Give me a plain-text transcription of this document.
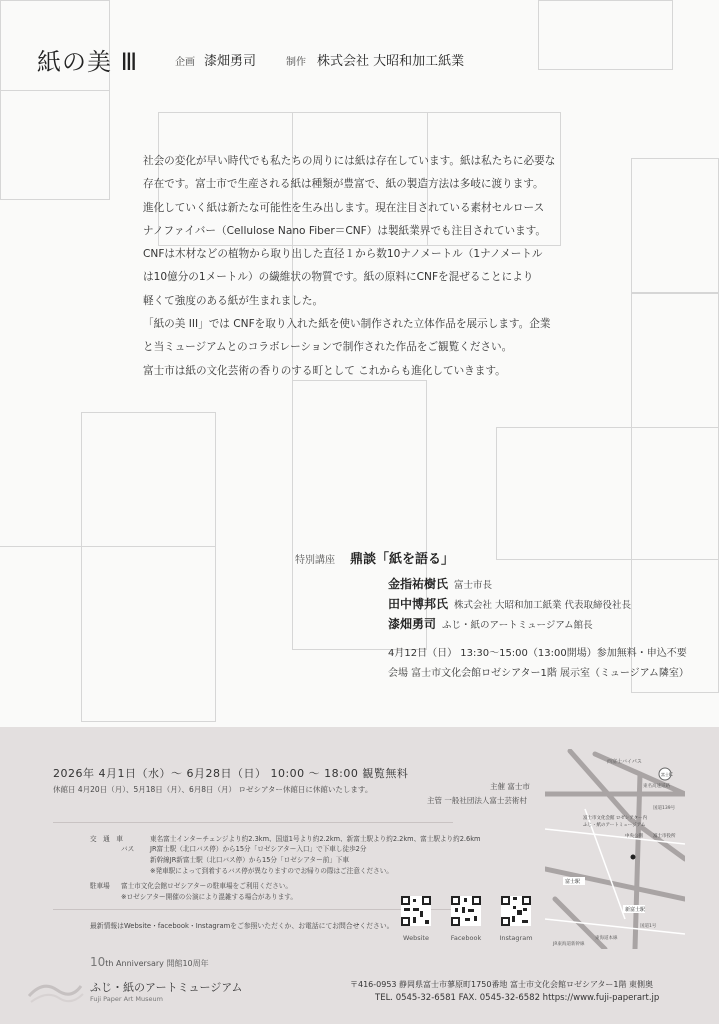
紙の美 Ⅲ	企画 漆畑勇司	制作 株式会社 大昭和加工紙業

社会の変化が早い時代でも私たちの周りには紙は存在しています。紙は私たちに必要な

存在です。富士市で生産される紙は種類が豊富で、紙の製造方法は多岐に渡ります。

進化していく紙は新たな可能性を生み出します。現在注目されている素材セルロース

ナノファイバー（Cellulose Nano Fiber＝CNF）は製紙業界でも注目されています。

CNFは木材などの植物から取り出した直径１から数10ナノメートル（1ナノメートル

は10億分の1メートル）の繊維状の物質です。紙の原料にCNFを混ぜることにより

軽くて強度のある紙が生まれました。

「紙の美 III」では CNFを取り入れた紙を使い制作された立体作品を展示します。企業

と当ミュージアムとのコラボレーションで制作された作品をご観覧ください。

富士市は紙の文化芸術の香りのする町として これからも進化していきます。

特別講座 鼎談「紙を語る」
金指祐樹氏 富士市長
田中博邦氏 株式会社 大昭和加工紙業 代表取締役社長
漆畑勇司 ふじ・紙のアートミュージアム館長
4月12日（日） 13:30〜15:00（13:00開場）参加無料・申込不要
会場 富士市文化会館ロゼシアター1階 展示室（ミュージアム隣室）
2026年 4月1日（水）〜 6月28日（日） 10:00 〜 18:00 観覧無料
休館日 4月20日（月）、5月18日（月）、6月8日（月） ロゼシアター休館日に休館いたします。	主催 富士市
主管 一般社団法人富士芸術村
交　通　車	東名富士インターチェンジより約2.3km、国道1号より約2.2km、新富士駅より約2.2km、富士駅より約2.6km
バス JR富士駅（北口バス停）から15分「ロゼシアター入口」で下車し徒歩2分
新幹線JR新富士駅（北口バス停）から15分「ロゼシアター前」下車
※発車駅によって到着するバス停が異なりますのでお帰りの際はご注意ください。
駐車場 富士市文化会館ロゼシアターの駐車場をご利用ください。
※ロゼシアター開催の公演により混雑する場合があります。
最新情報はWebsite・facebook・Instagramをご参照いただくか、お電話にてお問合せください。
Website	Facebook	Instagram
西富士バイパス
富士IC
東名高速道路
国道139号
富士市文化会館 ロゼシアター内
ふじ・紙のアートミュージアム
中央公園 富士市役所
富士駅
新富士駅
国道1号
JR東海道新幹線
東海道本線
10th Anniversary 開館10周年
ふじ・紙のアートミュージアム
Fuji Paper Art Museum
〒416-0953 静岡県富士市蓼原町1750番地 富士市文化会館ロゼシアター1階 東側奥
TEL. 0545-32-6581 FAX. 0545-32-6582 https://www.fuji-paperart.jp
